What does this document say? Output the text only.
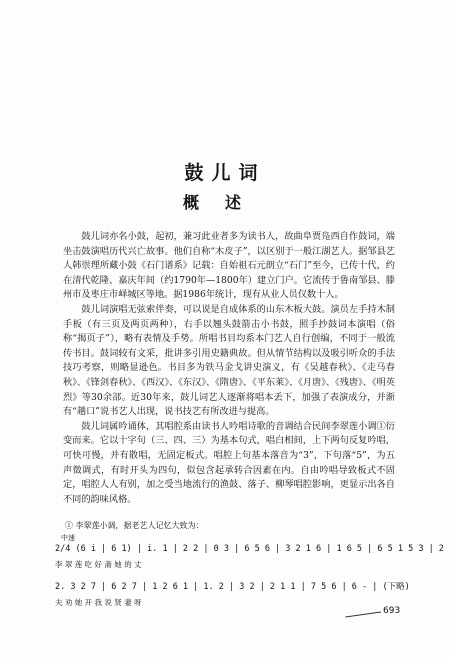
鼓儿词
概述

鼓儿词亦名小鼓，起初，兼习此业者多为读书人，故曲阜贾凫西自作鼓词，端坐击鼓演唱历代兴亡故事。他们自称“木皮子”，以区别于一般江湖艺人。据邹县艺人韩崇理所藏小鼓《石门谱系》记载：自始祖石元朗立“石门”至今，已传十代，约在清代乾隆、嘉庆年间（约1790年—1800年）建立门户。它流传于鲁南邹县、滕州市及枣庄市峄城区等地。据1986年统计，现有从业人员仅数十人。

鼓儿词演唱无弦索伴奏，可以说是自成体系的山东木板大鼓。演员左手持木制手板（有三页及两页两种），右手以翘头鼓箭击小书鼓，照手抄鼓词本演唱（俗称“揭页子”），略有表情及手势。所唱书目均系本门艺人自行创编，不同于一般流传书目。鼓词较有文采，批讲多引用史籍典故。但从情节结构以及吸引听众的手法技巧考察，则略显逊色。书目多为铁马金戈讲史演义，有《吴越春秋》、《走马春秋》、《锋剑春秋》、《西汉》、《东汉》、《隋唐》、《平东莱》、《月唐》、《残唐》、《明英烈》等30余部。近30年来，鼓儿词艺人逐渐将唱本丢下，加强了表演成分，并渐有“趟口”说书艺人出现，说书技艺有所改进与提高。

鼓儿词属吟诵体，其唱腔系由读书人吟唱诗歌的音调结合民间李翠莲小调①衍变而来。它以十字句（三、四、三）为基本句式，唱白相间，上下两句反复吟唱，可快可慢，并有散唱，无固定板式。唱腔上句基本落音为“3”，下句落“5”，为五声徵调式，有时开头为四句，似包含起承转合因素在内。自由吟唱导致板式不固定，唱腔人人有别，加之受当地流行的渔鼓、落子、柳琴唱腔影响，更显示出各自不同的韵味风格。

① 李翠莲小调，据老艺人记忆大致为：
中速
2/4 (6 i | 6 1) | i. 1 | 2 2 | 0 3 | 6 5 6 | 3 2 1 6 | 1 6 5 | 6 5 1 5 3 | 2
李 翠 莲 吃 好 斋 她 的 丈
2. 3 2 7 | 6 2 7 | 1 2 6 1 | 1. 2 | 3 2 | 2 1 1 | 7 5 6 | 6 - | (下略)
夫 劝 她 开 我 说 贤 妻 呀
693
